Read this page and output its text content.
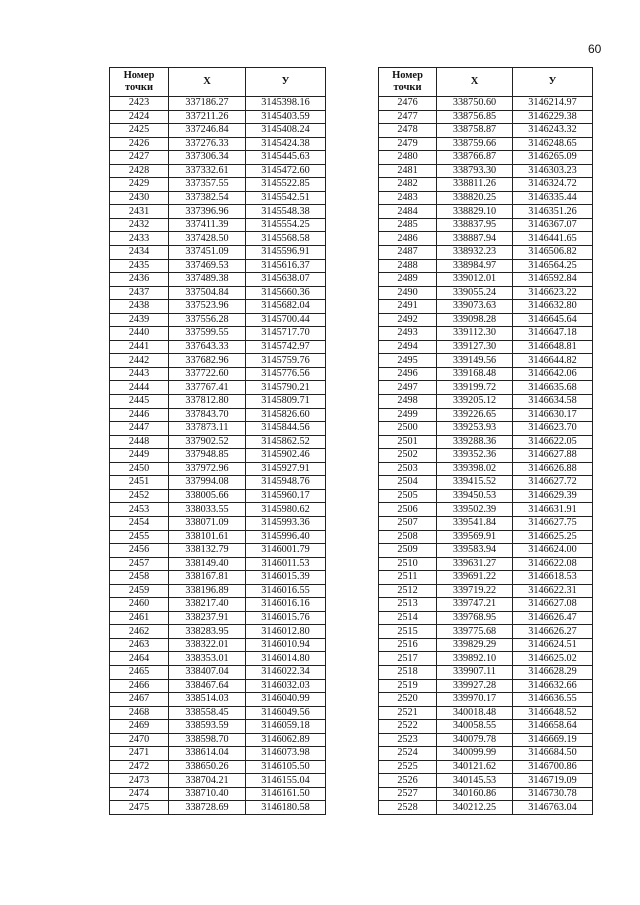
60
Номер
точки	X	У
2423	337186.27	3145398.16
2424	337211.26	3145403.59
2425	337246.84	3145408.24
2426	337276.33	3145424.38
2427	337306.34	3145445.63
2428	337332.61	3145472.60
2429	337357.55	3145522.85
2430	337382.54	3145542.51
2431	337396.96	3145548.38
2432	337411.39	3145554.25
2433	337428.50	3145568.58
2434	337451.09	3145596.91
2435	337469.53	3145616.37
2436	337489.38	3145638.07
2437	337504.84	3145660.36
2438	337523.96	3145682.04
2439	337556.28	3145700.44
2440	337599.55	3145717.70
2441	337643.33	3145742.97
2442	337682.96	3145759.76
2443	337722.60	3145776.56
2444	337767.41	3145790.21
2445	337812.80	3145809.71
2446	337843.70	3145826.60
2447	337873.11	3145844.56
2448	337902.52	3145862.52
2449	337948.85	3145902.46
2450	337972.96	3145927.91
2451	337994.08	3145948.76
2452	338005.66	3145960.17
2453	338033.55	3145980.62
2454	338071.09	3145993.36
2455	338101.61	3145996.40
2456	338132.79	3146001.79
2457	338149.40	3146011.53
2458	338167.81	3146015.39
2459	338196.89	3146016.55
2460	338217.40	3146016.16
2461	338237.91	3146015.76
2462	338283.95	3146012.80
2463	338322.01	3146010.94
2464	338353.01	3146014.80
2465	338407.04	3146022.34
2466	338467.64	3146032.03
2467	338514.03	3146040.99
2468	338558.45	3146049.56
2469	338593.59	3146059.18
2470	338598.70	3146062.89
2471	338614.04	3146073.98
2472	338650.26	3146105.50
2473	338704.21	3146155.04
2474	338710.40	3146161.50
2475	338728.69	3146180.58
Номер
точки	X	У
2476	338750.60	3146214.97
2477	338756.85	3146229.38
2478	338758.87	3146243.32
2479	338759.66	3146248.65
2480	338766.87	3146265.09
2481	338793.30	3146303.23
2482	338811.26	3146324.72
2483	338820.25	3146335.44
2484	338829.10	3146351.26
2485	338837.95	3146367.07
2486	338887.94	3146441.65
2487	338932.23	3146506.82
2488	338984.97	3146564.25
2489	339012.01	3146592.84
2490	339055.24	3146623.22
2491	339073.63	3146632.80
2492	339098.28	3146645.64
2493	339112.30	3146647.18
2494	339127.30	3146648.81
2495	339149.56	3146644.82
2496	339168.48	3146642.06
2497	339199.72	3146635.68
2498	339205.12	3146634.58
2499	339226.65	3146630.17
2500	339253.93	3146623.70
2501	339288.36	3146622.05
2502	339352.36	3146627.88
2503	339398.02	3146626.88
2504	339415.52	3146627.72
2505	339450.53	3146629.39
2506	339502.39	3146631.91
2507	339541.84	3146627.75
2508	339569.91	3146625.25
2509	339583.94	3146624.00
2510	339631.27	3146622.08
2511	339691.22	3146618.53
2512	339719.22	3146622.31
2513	339747.21	3146627.08
2514	339768.95	3146626.47
2515	339775.68	3146626.27
2516	339829.29	3146624.51
2517	339892.10	3146625.02
2518	339907.11	3146628.29
2519	339927.28	3146632.66
2520	339970.17	3146636.55
2521	340018.48	3146648.52
2522	340058.55	3146658.64
2523	340079.78	3146669.19
2524	340099.99	3146684.50
2525	340121.62	3146700.86
2526	340145.53	3146719.09
2527	340160.86	3146730.78
2528	340212.25	3146763.04
